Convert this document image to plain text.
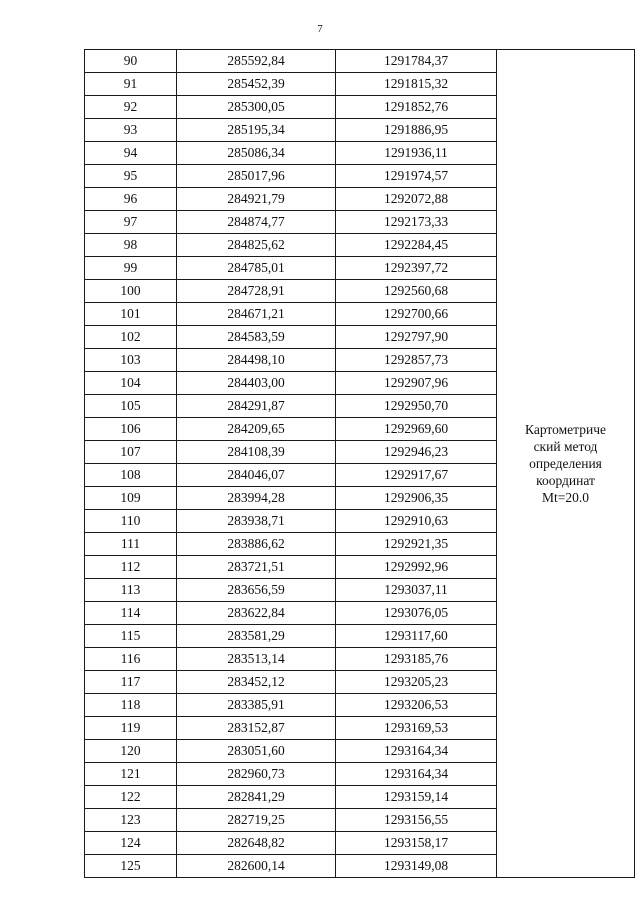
7
90	285592,84	1291784,37	Картометриче
ский метод
определения
координат
Mt=20.0

91	285452,39	1291815,32	
92	285300,05	1291852,76	
93	285195,34	1291886,95	
94	285086,34	1291936,11	
95	285017,96	1291974,57	
96	284921,79	1292072,88	
97	284874,77	1292173,33	
98	284825,62	1292284,45	
99	284785,01	1292397,72	
100	284728,91	1292560,68	
101	284671,21	1292700,66	
102	284583,59	1292797,90	
103	284498,10	1292857,73	
104	284403,00	1292907,96	
105	284291,87	1292950,70	
106	284209,65	1292969,60	
107	284108,39	1292946,23	
108	284046,07	1292917,67	
109	283994,28	1292906,35	
110	283938,71	1292910,63	
111	283886,62	1292921,35	
112	283721,51	1292992,96	
113	283656,59	1293037,11	
114	283622,84	1293076,05	
115	283581,29	1293117,60	
116	283513,14	1293185,76	
117	283452,12	1293205,23	
118	283385,91	1293206,53	
119	283152,87	1293169,53	
120	283051,60	1293164,34	
121	282960,73	1293164,34	
122	282841,29	1293159,14	
123	282719,25	1293156,55	
124	282648,82	1293158,17	
125	282600,14	1293149,08	
